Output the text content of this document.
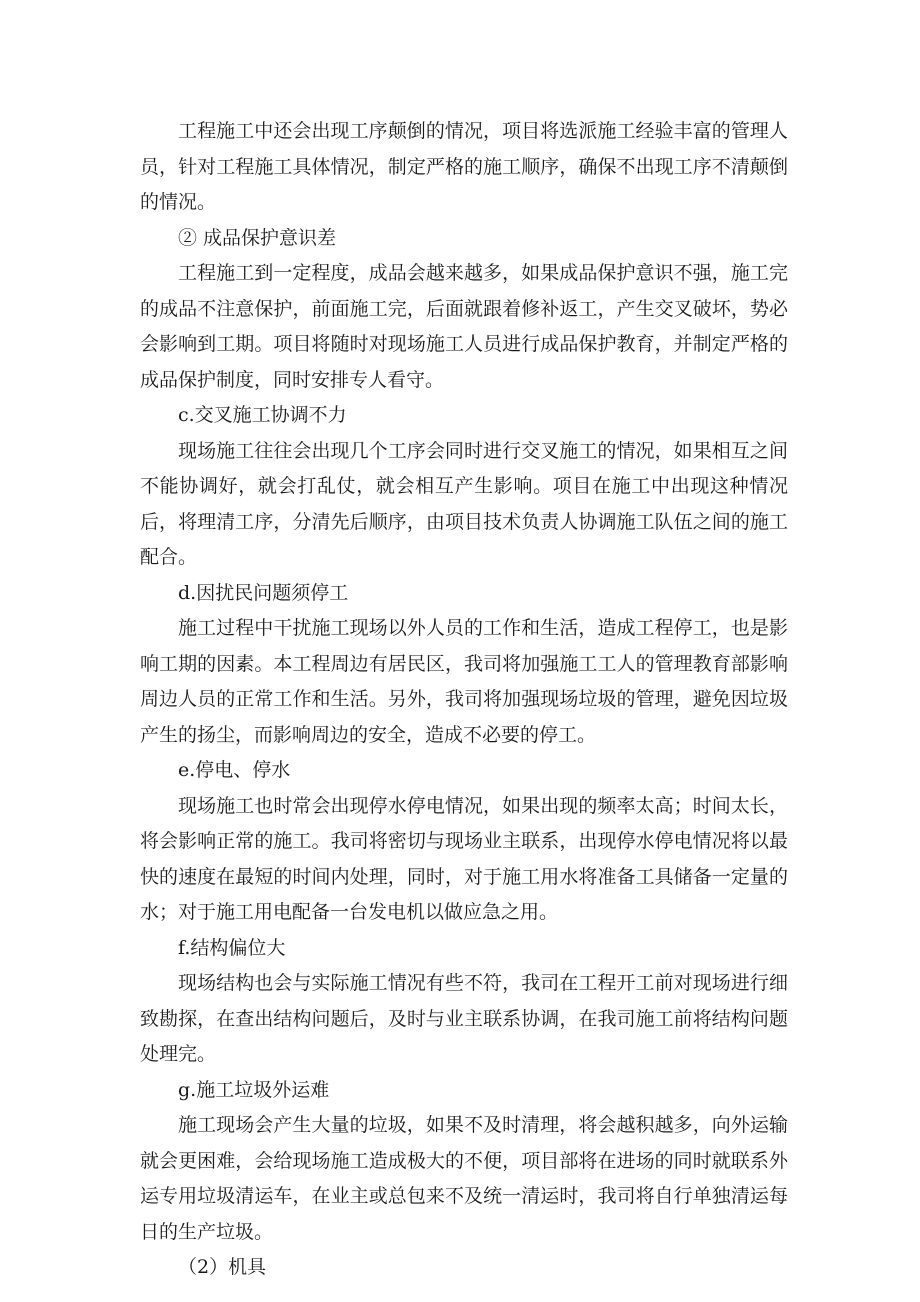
工程施工中还会出现工序颠倒的情况，项目将选派施工经验丰富的管理人员，针对工程施工具体情况，制定严格的施工顺序，确保不出现工序不清颠倒的情况。

② 成品保护意识差

工程施工到一定程度，成品会越来越多，如果成品保护意识不强，施工完的成品不注意保护，前面施工完，后面就跟着修补返工，产生交叉破坏，势必会影响到工期。项目将随时对现场施工人员进行成品保护教育，并制定严格的成品保护制度，同时安排专人看守。

c.交叉施工协调不力

现场施工往往会出现几个工序会同时进行交叉施工的情况，如果相互之间不能协调好，就会打乱仗，就会相互产生影响。项目在施工中出现这种情况后，将理清工序，分清先后顺序，由项目技术负责人协调施工队伍之间的施工配合。

d.因扰民问题须停工

施工过程中干扰施工现场以外人员的工作和生活，造成工程停工，也是影响工期的因素。本工程周边有居民区，我司将加强施工工人的管理教育部影响周边人员的正常工作和生活。另外，我司将加强现场垃圾的管理，避免因垃圾产生的扬尘，而影响周边的安全，造成不必要的停工。

e.停电、停水

现场施工也时常会出现停水停电情况，如果出现的频率太高；时间太长，将会影响正常的施工。我司将密切与现场业主联系，出现停水停电情况将以最快的速度在最短的时间内处理，同时，对于施工用水将准备工具储备一定量的水；对于施工用电配备一台发电机以做应急之用。

f.结构偏位大

现场结构也会与实际施工情况有些不符，我司在工程开工前对现场进行细致勘探，在查出结构问题后，及时与业主联系协调，在我司施工前将结构问题处理完。

g.施工垃圾外运难

施工现场会产生大量的垃圾，如果不及时清理，将会越积越多，向外运输就会更困难，会给现场施工造成极大的不便，项目部将在进场的同时就联系外运专用垃圾清运车，在业主或总包来不及统一清运时，我司将自行单独清运每日的生产垃圾。

（2）机具
